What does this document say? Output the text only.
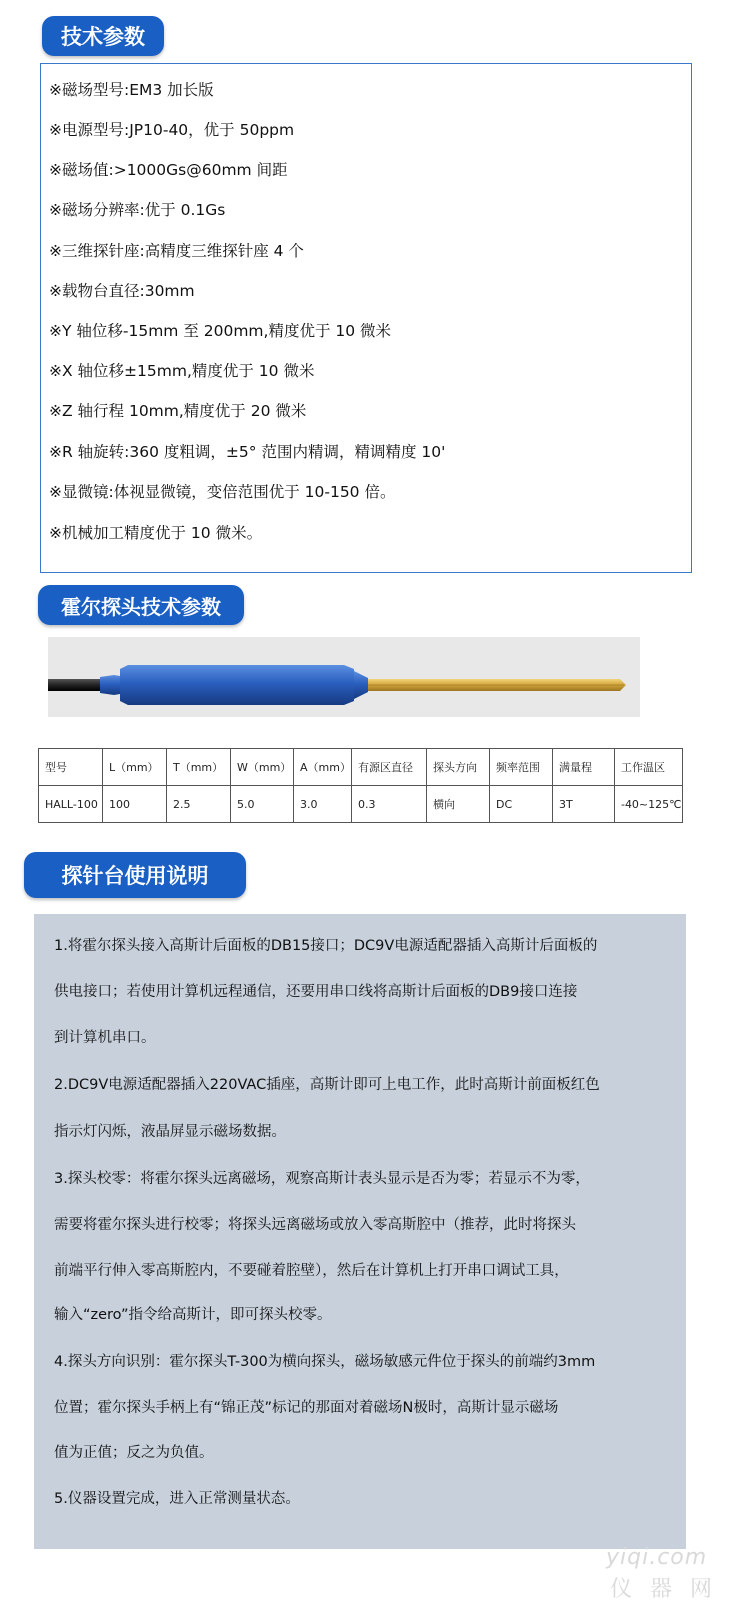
技术参数
※磁场型号:EM3 加长版
※电源型号:JP10-40，优于 50ppm
※磁场值:>1000Gs@60mm 间距
※磁场分辨率:优于 0.1Gs
※三维探针座:高精度三维探针座 4 个
※载物台直径:30mm
※Y 轴位移-15mm 至 200mm,精度优于 10 微米
※X 轴位移±15mm,精度优于 10 微米
※Z 轴行程 10mm,精度优于 20 微米
※R 轴旋转:360 度粗调，±5° 范围内精调，精调精度 10'
※显微镜:体视显微镜，变倍范围优于 10-150 倍。
※机械加工精度优于 10 微米。
霍尔探头技术参数
型号	L（mm）	T（mm）	W（mm）	A（mm）	有源区直径	探头方向	频率范围	满量程	工作温区
HALL-100	100	2.5	5.0	3.0	0.3	横向	DC	3T	-40~125℃
探针台使用说明
1.将霍尔探头接入高斯计后面板的DB15接口；DC9V电源适配器插入高斯计后面板的
供电接口；若使用计算机远程通信，还要用串口线将高斯计后面板的DB9接口连接
到计算机串口。
2.DC9V电源适配器插入220VAC插座，高斯计即可上电工作，此时高斯计前面板红色
指示灯闪烁，液晶屏显示磁场数据。
3.探头校零：将霍尔探头远离磁场，观察高斯计表头显示是否为零；若显示不为零，
需要将霍尔探头进行校零；将探头远离磁场或放入零高斯腔中（推荐，此时将探头
前端平行伸入零高斯腔内，不要碰着腔壁），然后在计算机上打开串口调试工具，
输入“zero”指令给高斯计，即可探头校零。
4.探头方向识别：霍尔探头T-300为横向探头，磁场敏感元件位于探头的前端约3mm
位置；霍尔探头手柄上有“锦正茂”标记的那面对着磁场N极时，高斯计显示磁场
值为正值；反之为负值。
5.仪器设置完成，进入正常测量状态。
yiqi.com
仪器网
